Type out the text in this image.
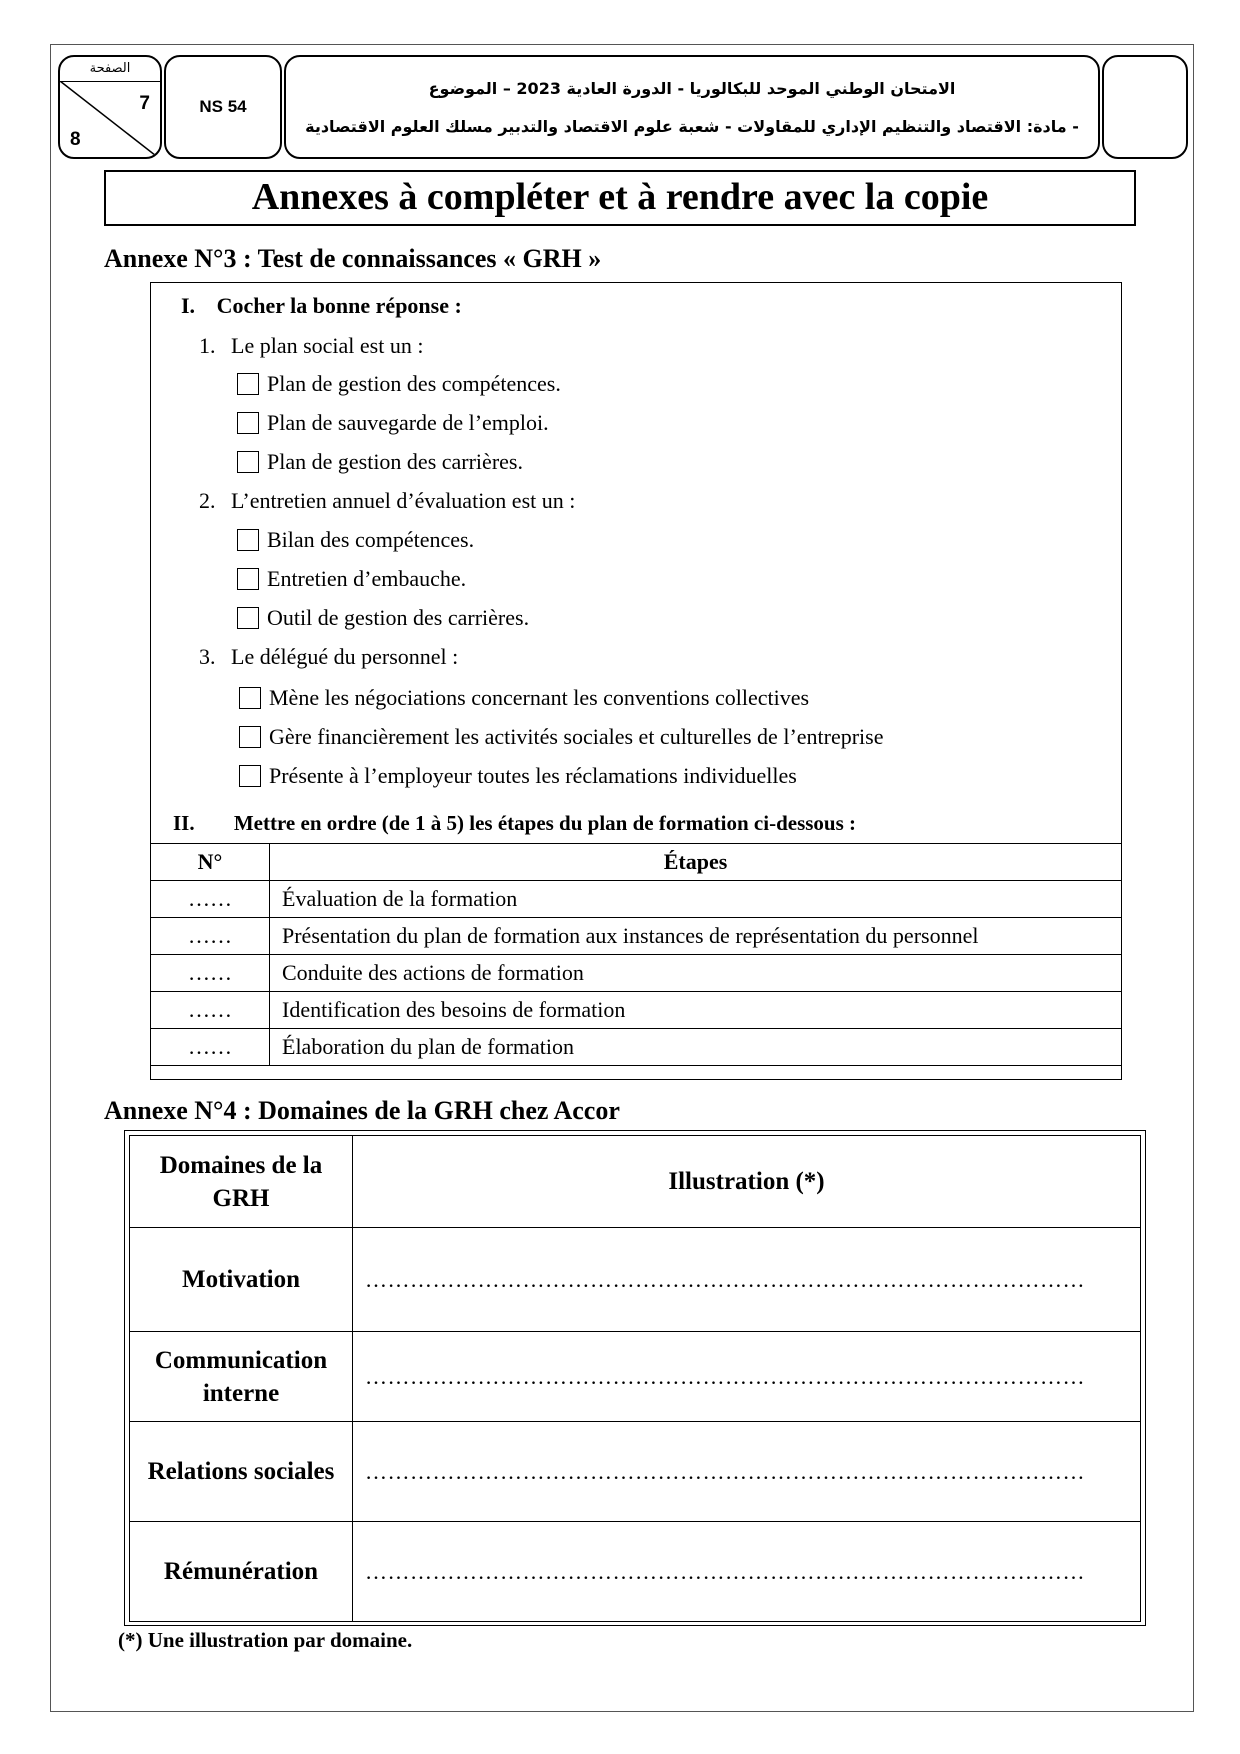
الصفحة
7
8
NS 54
الامتحان الوطني الموحد للبكالوريا - الدورة العادية 2023 – الموضوع
- مادة: الاقتصاد والتنظيم الإداري للمقاولات - شعبة علوم الاقتصاد والتدبير مسلك العلوم الاقتصادية
Annexes à compléter et à rendre avec la copie
Annexe N°3 : Test de connaissances « GRH »
I. Cocher la bonne réponse :
1. Le plan social est un :
Plan de gestion des compétences.
Plan de sauvegarde de l’emploi.
Plan de gestion des carrières.
2. L’entretien annuel d’évaluation est un :
Bilan des compétences.
Entretien d’embauche.
Outil de gestion des carrières.
3. Le délégué du personnel :
Mène les négociations concernant les conventions collectives
Gère financièrement les activités sociales et culturelles de l’entreprise
Présente à l’employeur toutes les réclamations individuelles
II. Mettre en ordre (de 1 à 5) les étapes du plan de formation ci-dessous :
N°	Étapes
……	Évaluation de la formation
……	Présentation du plan de formation aux instances de représentation du personnel
……	Conduite des actions de formation
……	Identification des besoins de formation
……	Élaboration du plan de formation
Annexe N°4 : Domaines de la GRH chez Accor
Domaines de la GRH	Illustration (*)
Motivation	……………………………………………………………………………………
Communication interne	……………………………………………………………………………………
Relations sociales	……………………………………………………………………………………
Rémunération	……………………………………………………………………………………
(*) Une illustration par domaine.
